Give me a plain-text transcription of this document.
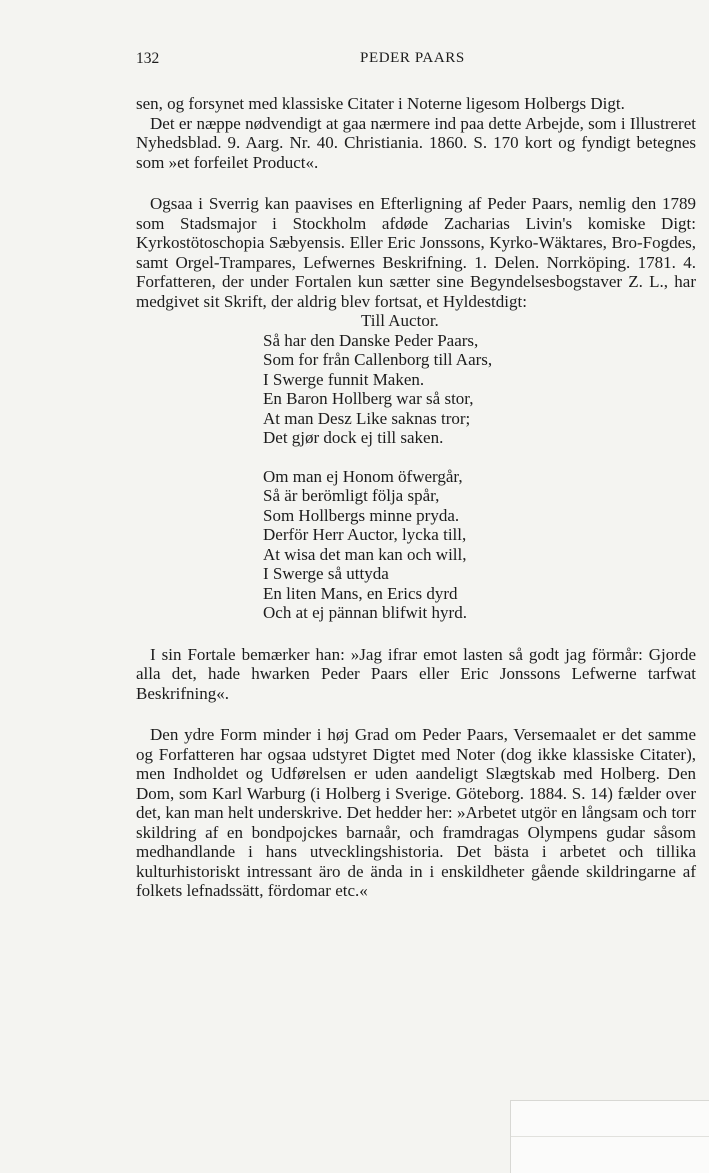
132	PEDER PAARS

sen, og forsynet med klassiske Citater i Noterne ligesom Holbergs Digt.

Det er næppe nødvendigt at gaa nærmere ind paa dette Arbejde, som i Illustreret Nyhedsblad. 9. Aarg. Nr. 40. Christiania. 1860. S. 170 kort og fyndigt betegnes som »et forfeilet Product«.

Ogsaa i Sverrig kan paavises en Efterligning af Peder Paars, nemlig den 1789 som Stadsmajor i Stockholm afdøde Zacharias Livin's komiske Digt: Kyrkostötoschopia Sæbyensis. Eller Eric Jonssons, Kyrko-Wäktares, Bro-Fogdes, samt Orgel-Trampares, Lefwernes Beskrifning. 1. Delen. Norrköping. 1781. 4. Forfatteren, der under Fortalen kun sætter sine Begyndelsesbogstaver Z. L., har medgivet sit Skrift, der aldrig blev fortsat, et Hyldestdigt:

Till Auctor.

Så har den Danske Peder Paars,
Som for från Callenborg till Aars,
I Swerge funnit Maken.
En Baron Hollberg war så stor,
At man Desz Like saknas tror;
Det gjør dock ej till saken.
Om man ej Honom öfwergår,
Så är berömligt följa spår,
Som Hollbergs minne pryda.
Derför Herr Auctor, lycka till,
At wisa det man kan och will,
I Swerge så uttyda
En liten Mans, en Erics dyrd
Och at ej pännan blifwit hyrd.

I sin Fortale bemærker han: »Jag ifrar emot lasten så godt jag förmår: Gjorde alla det, hade hwarken Peder Paars eller Eric Jonssons Lefwerne tarfwat Beskrifning«.

Den ydre Form minder i høj Grad om Peder Paars, Versemaalet er det samme og Forfatteren har ogsaa udstyret Digtet med Noter (dog ikke klassiske Citater), men Indholdet og Udførelsen er uden aandeligt Slægtskab med Holberg. Den Dom, som Karl Warburg (i Holberg i Sverige. Göteborg. 1884. S. 14) fælder over det, kan man helt underskrive. Det hedder her: »Arbetet utgör en långsam och torr skildring af en bondpojckes barnaår, och framdragas Olympens gudar såsom medhandlande i hans utvecklingshistoria. Det bästa i arbetet och tillika kulturhistoriskt intressant äro de ända in i enskildheter gående skildringarne af folkets lefnadssätt, fördomar etc.«
